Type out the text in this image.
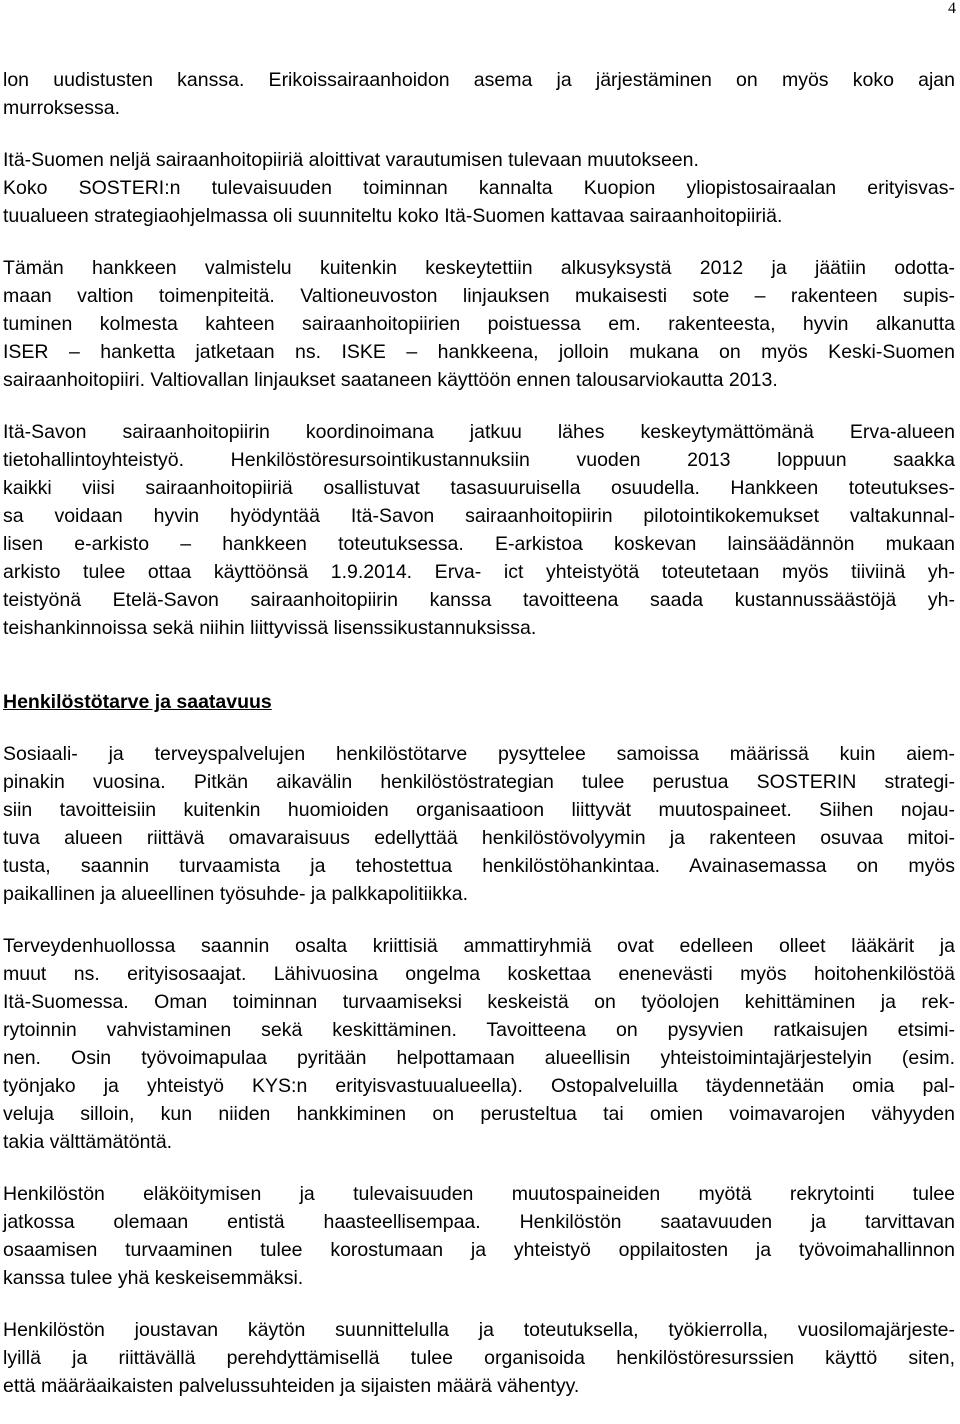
4
lon uudistusten kanssa. Erikoissairaanhoidon asema ja järjestäminen on myös koko ajan
murroksessa.
Itä-Suomen neljä sairaanhoitopiiriä aloittivat varautumisen tulevaan muutokseen.
Koko SOSTERI:n tulevaisuuden toiminnan kannalta Kuopion yliopistosairaalan erityisvas-
tuualueen strategiaohjelmassa oli suunniteltu koko Itä-Suomen kattavaa sairaanhoitopiiriä.
Tämän hankkeen valmistelu kuitenkin keskeytettiin alkusyksystä 2012 ja jäätiin odotta-
maan valtion toimenpiteitä. Valtioneuvoston linjauksen mukaisesti sote – rakenteen supis-
tuminen kolmesta kahteen sairaanhoitopiirien poistuessa em. rakenteesta, hyvin alkanutta
ISER – hanketta jatketaan ns. ISKE – hankkeena, jolloin mukana on myös Keski-Suomen
sairaanhoitopiiri. Valtiovallan linjaukset saataneen käyttöön ennen talousarviokautta 2013.
Itä-Savon sairaanhoitopiirin koordinoimana jatkuu lähes keskeytymättömänä Erva-alueen
tietohallintoyhteistyö. Henkilöstöresursointikustannuksiin vuoden 2013 loppuun saakka
kaikki viisi sairaanhoitopiiriä osallistuvat tasasuuruisella osuudella. Hankkeen toteutukses-
sa voidaan hyvin hyödyntää Itä-Savon sairaanhoitopiirin pilotointikokemukset valtakunnal-
lisen e-arkisto – hankkeen toteutuksessa. E-arkistoa koskevan lainsäädännön mukaan
arkisto tulee ottaa käyttöönsä 1.9.2014. Erva- ict yhteistyötä toteutetaan myös tiiviinä yh-
teistyönä Etelä-Savon sairaanhoitopiirin kanssa tavoitteena saada kustannussäästöjä yh-
teishankinnoissa sekä niihin liittyvissä lisenssikustannuksissa.
Henkilöstötarve ja saatavuus
Sosiaali- ja terveyspalvelujen henkilöstötarve pysyttelee samoissa määrissä kuin aiem-
pinakin vuosina. Pitkän aikavälin henkilöstöstrategian tulee perustua SOSTERIN strategi-
siin tavoitteisiin kuitenkin huomioiden organisaatioon liittyvät muutospaineet. Siihen nojau-
tuva alueen riittävä omavaraisuus edellyttää henkilöstövolyymin ja rakenteen osuvaa mitoi-
tusta, saannin turvaamista ja tehostettua henkilöstöhankintaa. Avainasemassa on myös
paikallinen ja alueellinen työsuhde- ja palkkapolitiikka.
Terveydenhuollossa saannin osalta kriittisiä ammattiryhmiä ovat edelleen olleet lääkärit ja
muut ns. erityisosaajat. Lähivuosina ongelma koskettaa enenevästi myös hoitohenkilöstöä
Itä-Suomessa. Oman toiminnan turvaamiseksi keskeistä on työolojen kehittäminen ja rek-
rytoinnin vahvistaminen sekä keskittäminen. Tavoitteena on pysyvien ratkaisujen etsimi-
nen. Osin työvoimapulaa pyritään helpottamaan alueellisin yhteistoimintajärjestelyin (esim.
työnjako ja yhteistyö KYS:n erityisvastuualueella). Ostopalveluilla täydennetään omia pal-
veluja silloin, kun niiden hankkiminen on perusteltua tai omien voimavarojen vähyyden
takia välttämätöntä.
Henkilöstön eläköitymisen ja tulevaisuuden muutospaineiden myötä rekrytointi tulee
jatkossa olemaan entistä haasteellisempaa. Henkilöstön saatavuuden ja tarvittavan
osaamisen turvaaminen tulee korostumaan ja yhteistyö oppilaitosten ja työvoimahallinnon
kanssa tulee yhä keskeisemmäksi.
Henkilöstön joustavan käytön suunnittelulla ja toteutuksella, työkierrolla, vuosilomajärjeste-
lyillä ja riittävällä perehdyttämisellä tulee organisoida henkilöstöresurssien käyttö siten,
että määräaikaisten palvelussuhteiden ja sijaisten määrä vähentyy.
